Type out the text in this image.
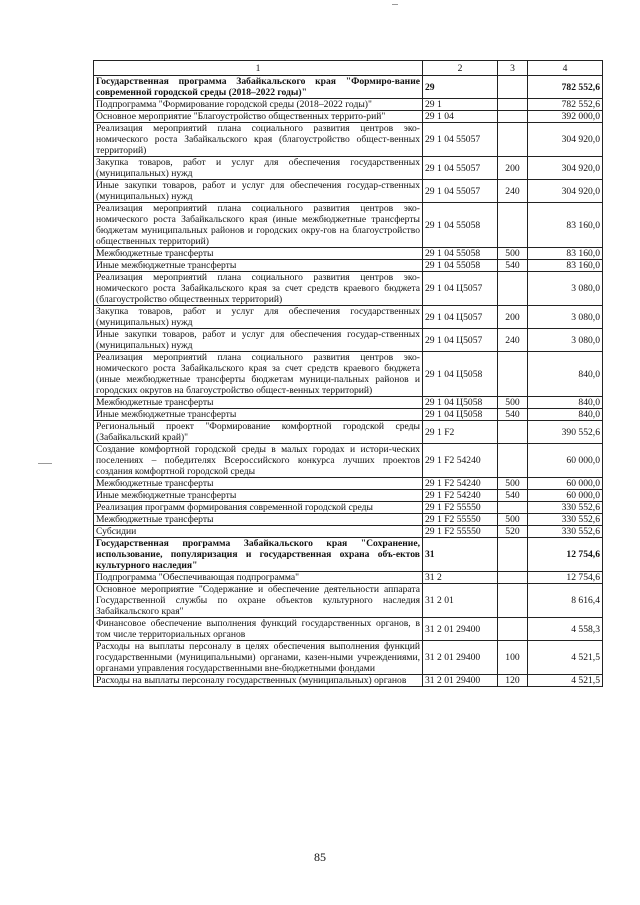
1	2	3	4
Государственная программа Забайкальского края "Формиро-вание современной городской среды (2018–2022 годы)"	29		782 552,6
Подпрограмма "Формирование городской среды (2018–2022 годы)"	29 1		782 552,6
Основное мероприятие "Благоустройство общественных террито-рий"	29 1 04		392 000,0
Реализация мероприятий плана социального развития центров эко-номического роста Забайкальского края (благоустройство общест-венных территорий)	29 1 04 55057		304 920,0
Закупка товаров, работ и услуг для обеспечения государственных (муниципальных) нужд	29 1 04 55057	200	304 920,0
Иные закупки товаров, работ и услуг для обеспечения государ-ственных (муниципальных) нужд	29 1 04 55057	240	304 920,0
Реализация мероприятий плана социального развития центров эко-номического роста Забайкальского края (иные межбюджетные трансферты бюджетам муниципальных районов и городских окру-гов на благоустройство общественных территорий)	29 1 04 55058		83 160,0
Межбюджетные трансферты	29 1 04 55058	500	83 160,0
Иные межбюджетные трансферты	29 1 04 55058	540	83 160,0
Реализация мероприятий плана социального развития центров эко-номического роста Забайкальского края за счет средств краевого бюджета (благоустройство общественных территорий)	29 1 04 Ц5057		3 080,0
Закупка товаров, работ и услуг для обеспечения государственных (муниципальных) нужд	29 1 04 Ц5057	200	3 080,0
Иные закупки товаров, работ и услуг для обеспечения государ-ственных (муниципальных) нужд	29 1 04 Ц5057	240	3 080,0
Реализация мероприятий плана социального развития центров эко-номического роста Забайкальского края за счет средств краевого бюджета (иные межбюджетные трансферты бюджетам муници-пальных районов и городских округов на благоустройство общест-венных территорий)	29 1 04 Ц5058		840,0
Межбюджетные трансферты	29 1 04 Ц5058	500	840,0
Иные межбюджетные трансферты	29 1 04 Ц5058	540	840,0
Региональный проект "Формирование комфортной городской среды (Забайкальский край)"	29 1 F2		390 552,6
Создание комфортной городской среды в малых городах и истори-ческих поселениях – победителях Всероссийского конкурса лучших проектов создания комфортной городской среды	29 1 F2 54240		60 000,0
Межбюджетные трансферты	29 1 F2 54240	500	60 000,0
Иные межбюджетные трансферты	29 1 F2 54240	540	60 000,0
Реализация программ формирования современной городской среды	29 1 F2 55550		330 552,6
Межбюджетные трансферты	29 1 F2 55550	500	330 552,6
Субсидии	29 1 F2 55550	520	330 552,6
Государственная программа Забайкальского края "Сохранение, использование, популяризация и государственная охрана объ-ектов культурного наследия"	31		12 754,6
Подпрограмма "Обеспечивающая подпрограмма"	31 2		12 754,6
Основное мероприятие "Содержание и обеспечение деятельности аппарата Государственной службы по охране объектов культурного наследия Забайкальского края"	31 2 01		8 616,4
Финансовое обеспечение выполнения функций государственных органов, в том числе территориальных органов	31 2 01 29400		4 558,3
Расходы на выплаты персоналу в целях обеспечения выполнения функций государственными (муниципальными) органами, казен-ными учреждениями, органами управления государственными вне-бюджетными фондами	31 2 01 29400	100	4 521,5
Расходы на выплаты персоналу государственных (муниципальных) органов	31 2 01 29400	120	4 521,5
85
